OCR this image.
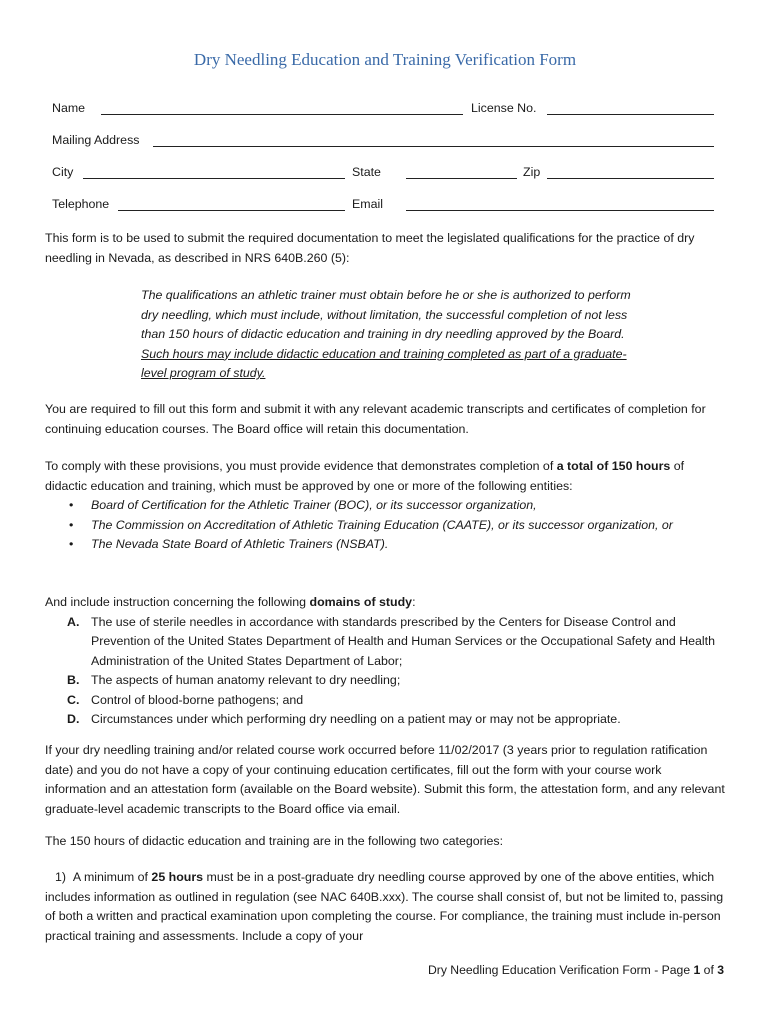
Dry Needling Education and Training Verification Form
Name	License No.
Mailing Address
City	State	Zip
Telephone	Email

This form is to be used to submit the required documentation to meet the legislated qualifications for the practice of dry needling in Nevada, as described in NRS 640B.260 (5):

The qualifications an athletic trainer must obtain before he or she is authorized to perform dry needling, which must include, without limitation, the successful completion of not less than 150 hours of didactic education and training in dry needling approved by the Board. Such hours may include didactic education and training completed as part of a graduate-level program of study.

You are required to fill out this form and submit it with any relevant academic transcripts and certificates of completion for continuing education courses. The Board office will retain this documentation.

To comply with these provisions, you must provide evidence that demonstrates completion of a total of 150 hours of didactic education and training, which must be approved by one or more of the following entities:

• Board of Certification for the Athletic Trainer (BOC), or its successor organization,
• The Commission on Accreditation of Athletic Training Education (CAATE), or its successor organization, or
• The Nevada State Board of Athletic Trainers (NSBAT).

And include instruction concerning the following domains of study:

A. The use of sterile needles in accordance with standards prescribed by the Centers for Disease Control and Prevention of the United States Department of Health and Human Services or the Occupational Safety and Health Administration of the United States Department of Labor;
B. The aspects of human anatomy relevant to dry needling;
C. Control of blood-borne pathogens; and
D. Circumstances under which performing dry needling on a patient may or may not be appropriate.

If your dry needling training and/or related course work occurred before 11/02/2017 (3 years prior to regulation ratification date) and you do not have a copy of your continuing education certificates, fill out the form with your course work information and an attestation form (available on the Board website). Submit this form, the attestation form, and any relevant graduate-level academic transcripts to the Board office via email.

The 150 hours of didactic education and training are in the following two categories:

1) A minimum of 25 hours must be in a post-graduate dry needling course approved by one of the above entities, which includes information as outlined in regulation (see NAC 640B.xxx). The course shall consist of, but not be limited to, passing of both a written and practical examination upon completing the course. For compliance, the training must include in-person practical training and assessments. Include a copy of your

Dry Needling Education Verification Form - Page 1 of 3
